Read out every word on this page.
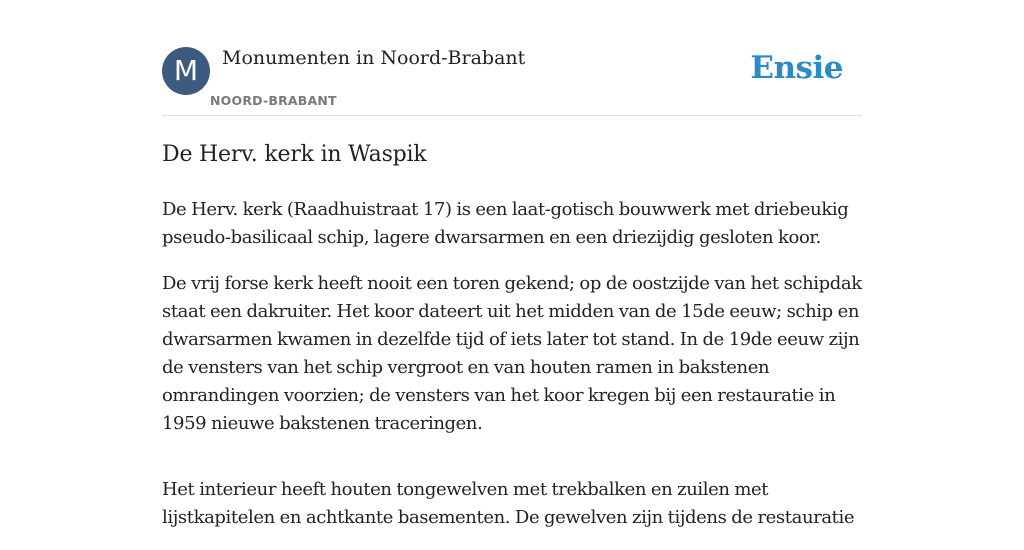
M	Monumenten in Noord-Brabant
NOORD-BRABANT
Ensie
De Herv. kerk in Waspik

De Herv. kerk (Raadhuistraat 17) is een laat-gotisch bouwwerk met driebeukig pseudo-basilicaal schip, lagere dwarsarmen en een driezijdig gesloten koor.

De vrij forse kerk heeft nooit een toren gekend; op de oostzijde van het schipdak staat een dakruiter. Het koor dateert uit het midden van de 15de eeuw; schip en dwarsarmen kwamen in dezelfde tijd of iets later tot stand. In de 19de eeuw zijn de vensters van het schip vergroot en van houten ramen in bakstenen omrandingen voorzien; de vensters van het koor kregen bij een restauratie in 1959 nieuwe bakstenen traceringen.

Het interieur heeft houten tongewelven met trekbalken en zuilen met lijstkapitelen en achtkante basementen. De gewelven zijn tijdens de restauratie
